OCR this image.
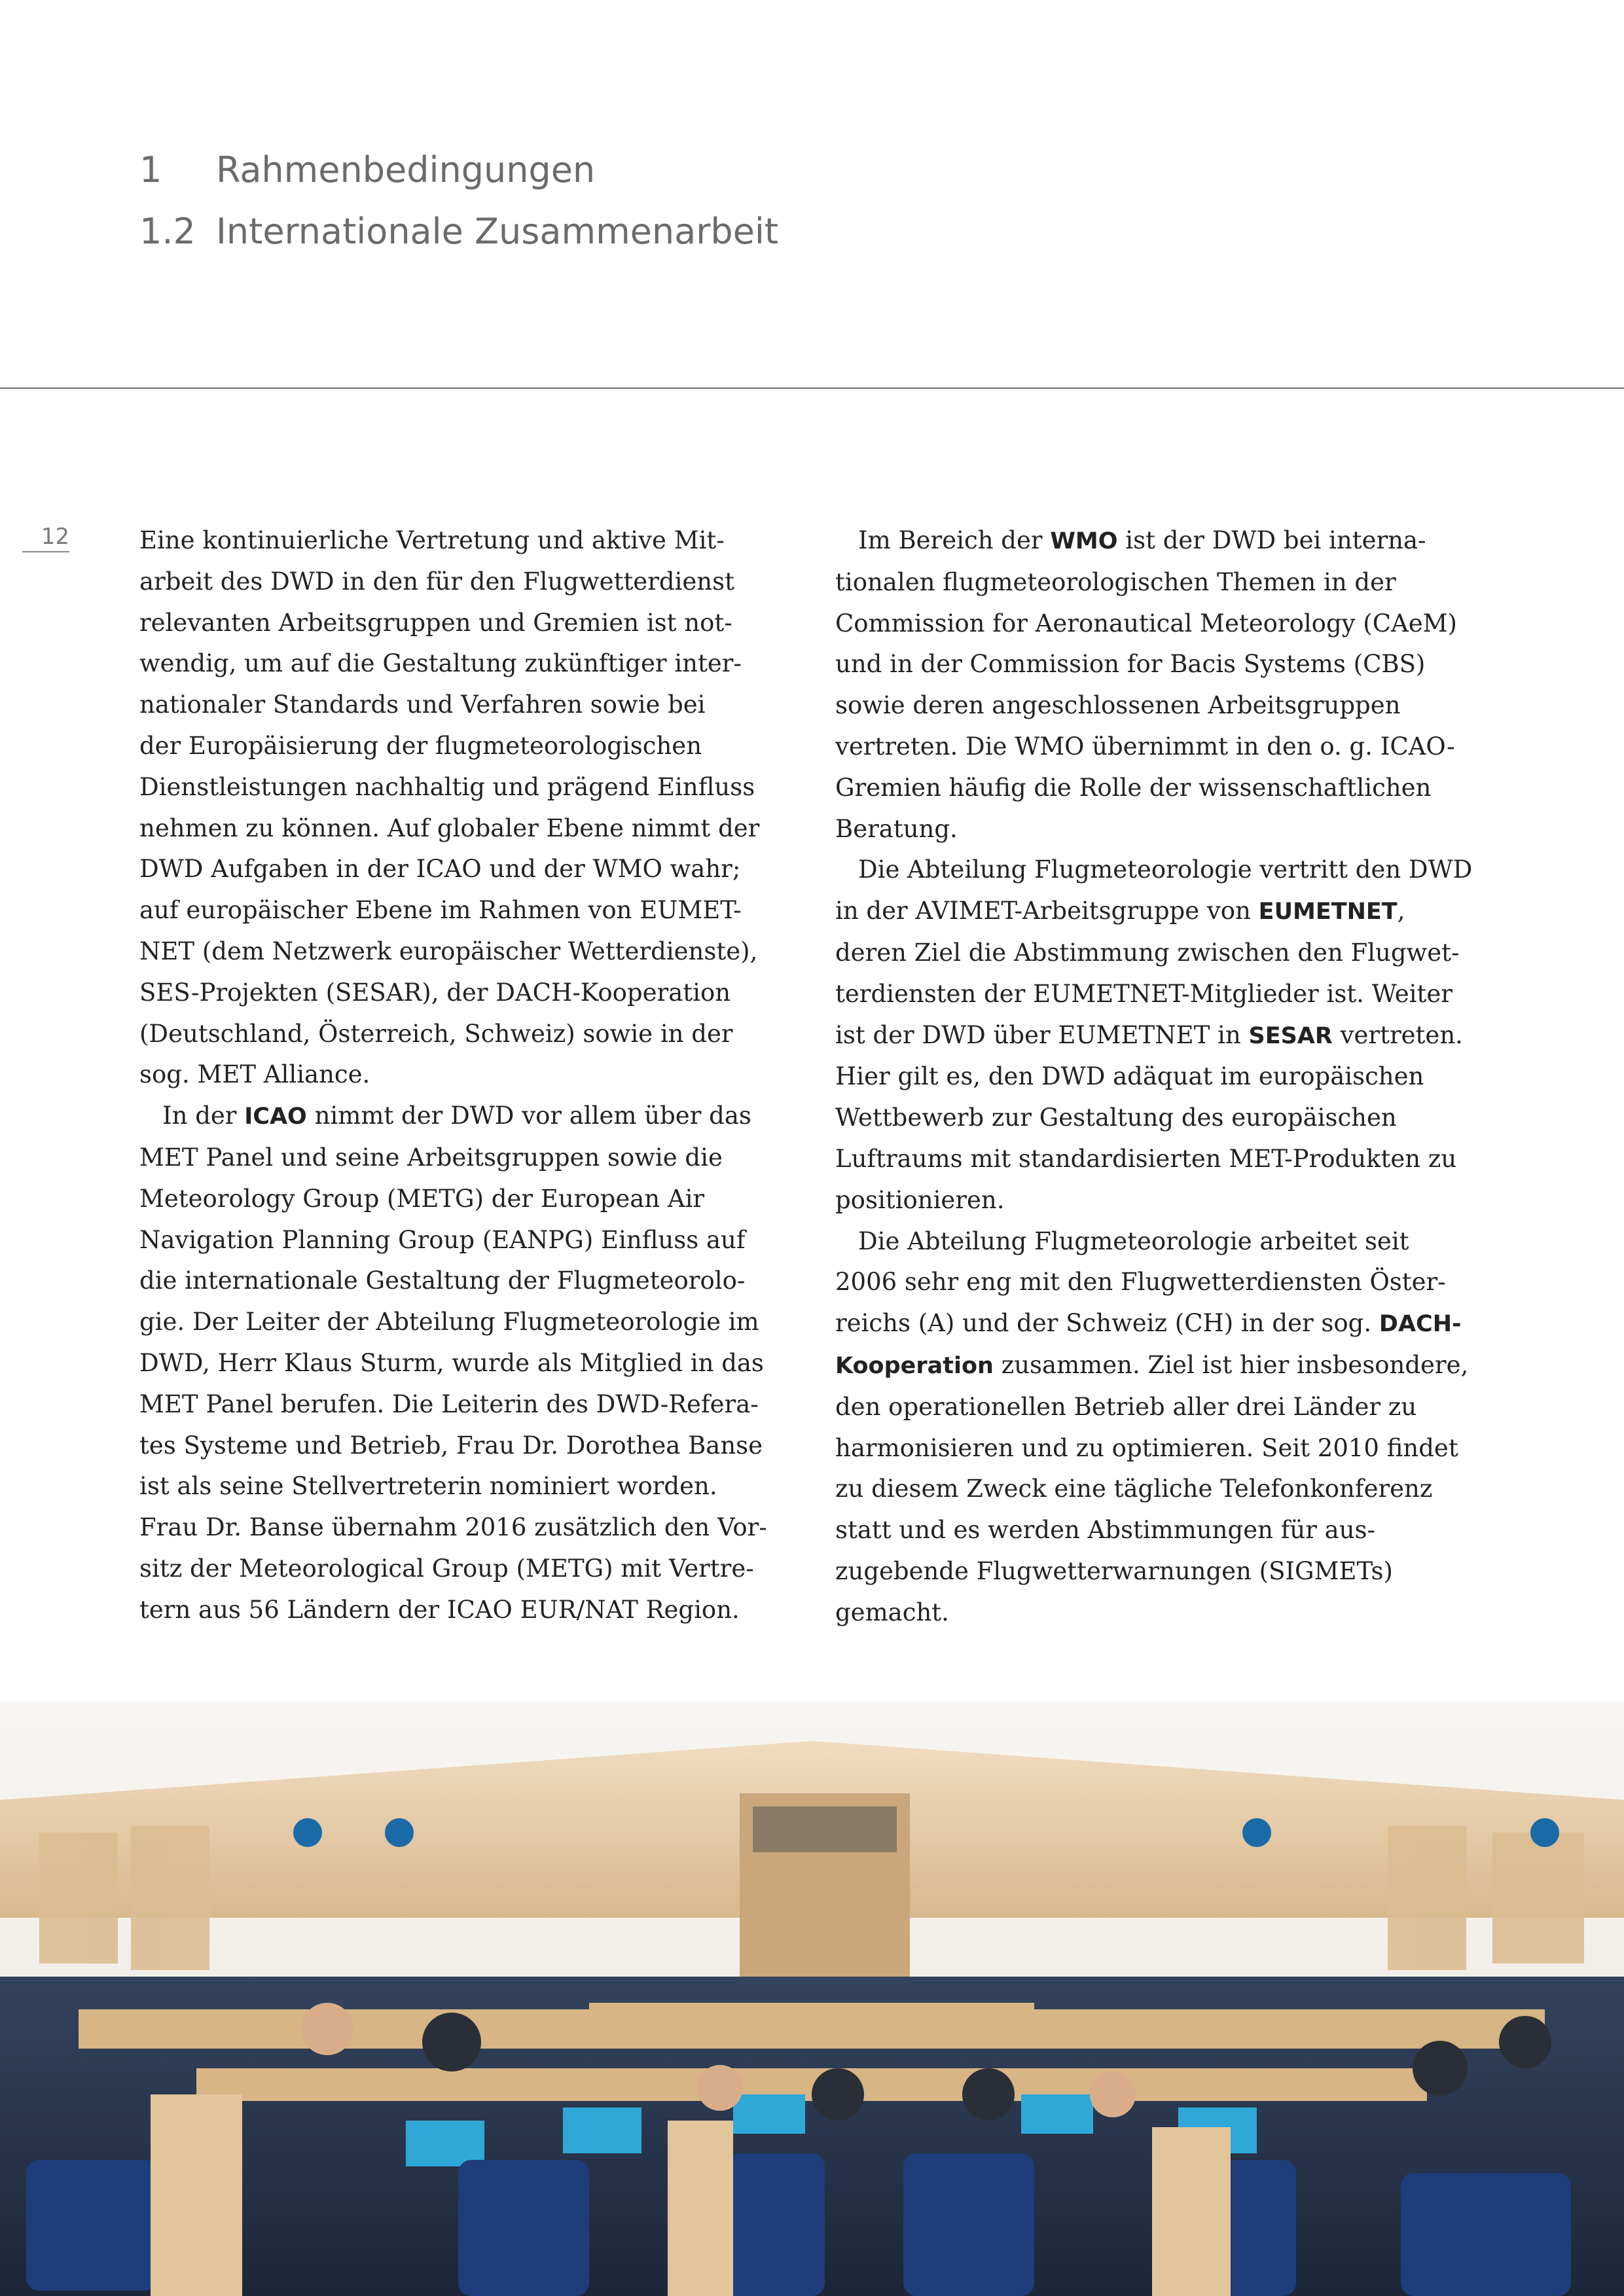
1 Rahmenbedingungen
1.2 Internationale Zusammenarbeit
12	Eine kontinuierliche Vertretung und aktive Mit-
arbeit des DWD in den für den Flugwetterdienst
relevanten Arbeitsgruppen und Gremien ist not-
wendig, um auf die Gestaltung zukünftiger inter-
nationaler Standards und Verfahren sowie bei
der Europäisierung der flugmeteorologischen
Dienstleistungen nachhaltig und prägend Einfluss
nehmen zu können. Auf globaler Ebene nimmt der
DWD Aufgaben in der ICAO und der WMO wahr;
auf europäischer Ebene im Rahmen von EUMET-
NET (dem Netzwerk europäischer Wetterdienste),
SES-Projekten (SESAR), der DACH-Kooperation
(Deutschland, Österreich, Schweiz) sowie in der
sog. MET Alliance.

In der ICAO nimmt der DWD vor allem über das
MET Panel und seine Arbeitsgruppen sowie die
Meteorology Group (METG) der European Air
Navigation Planning Group (EANPG) Einfluss auf
die internationale Gestaltung der Flugmeteorolo-
gie. Der Leiter der Abteilung Flugmeteorologie im
DWD, Herr Klaus Sturm, wurde als Mitglied in das
MET Panel berufen. Die Leiterin des DWD-Referа-
tes Systeme und Betrieb, Frau Dr. Dorothea Banse
ist als seine Stellvertreterin nominiert worden.
Frau Dr. Banse übernahm 2016 zusätzlich den Vor-
sitz der Meteorological Group (METG) mit Vertre-
tern aus 56 Ländern der ICAO EUR/NAT Region.

Im Bereich der WMO ist der DWD bei interna-
tionalen flugmeteorologischen Themen in der
Commission for Aeronautical Meteorology (CAeM)
und in der Commission for Bacis Systems (CBS)
sowie deren angeschlossenen Arbeitsgruppen
vertreten. Die WMO übernimmt in den o. g. ICAO-
Gremien häufig die Rolle der wissenschaftlichen
Beratung.

Die Abteilung Flugmeteorologie vertritt den DWD
in der AVIMET-Arbeitsgruppe von EUMETNET,
deren Ziel die Abstimmung zwischen den Flugwet-
terdiensten der EUMETNET-Mitglieder ist. Weiter
ist der DWD über EUMETNET in SESAR vertreten.
Hier gilt es, den DWD adäquat im europäischen
Wettbewerb zur Gestaltung des europäischen
Luftraums mit standardisierten MET-Produkten zu
positionieren.

Die Abteilung Flugmeteorologie arbeitet seit
2006 sehr eng mit den Flugwetterdiensten Öster-
reichs (A) und der Schweiz (CH) in der sog. DACH-
Kooperation zusammen. Ziel ist hier insbesondere,
den operationellen Betrieb aller drei Länder zu
harmonisieren und zu optimieren. Seit 2010 findet
zu diesem Zweck eine tägliche Telefonkonferenz
statt und es werden Abstimmungen für aus-
zugebende Flugwetterwarnungen (SIGMETs)
gemacht.
